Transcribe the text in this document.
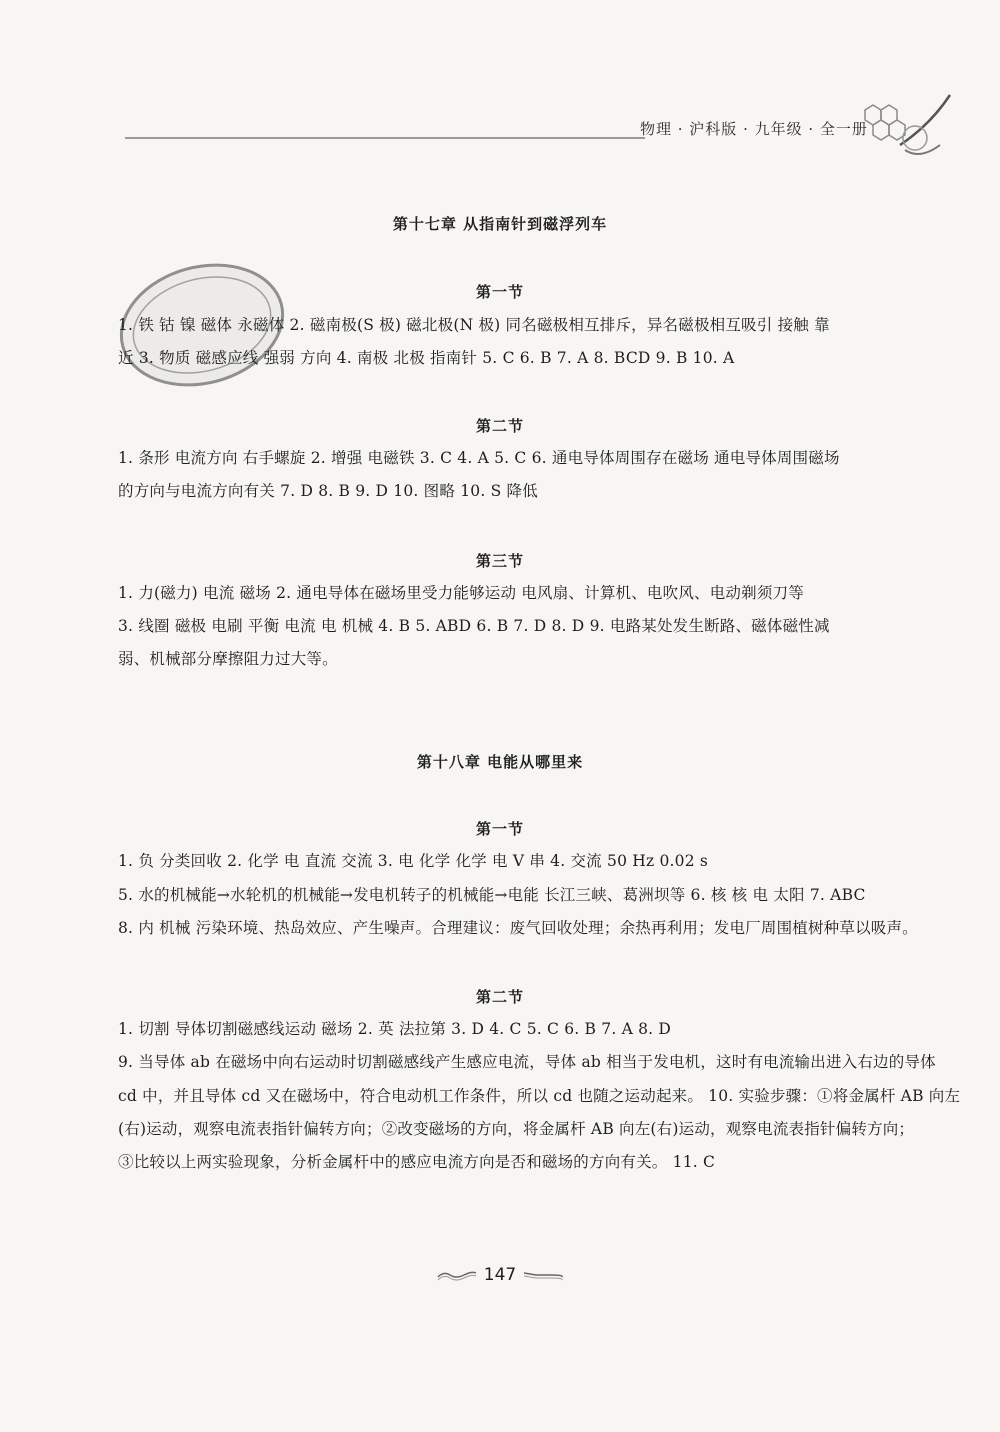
物理 · 沪科版 · 九年级 · 全一册
第十七章 从指南针到磁浮列车
第一节
1. 铁 钴 镍 磁体 永磁体 2. 磁南极(S 极) 磁北极(N 极) 同名磁极相互排斥，异名磁极相互吸引 接触 靠
近 3. 物质 磁感应线 强弱 方向 4. 南极 北极 指南针 5. C 6. B 7. A 8. BCD 9. B 10. A
第二节
1. 条形 电流方向 右手螺旋 2. 增强 电磁铁 3. C 4. A 5. C 6. 通电导体周围存在磁场 通电导体周围磁场
的方向与电流方向有关 7. D 8. B 9. D 10. 图略 10. S 降低
第三节
1. 力(磁力) 电流 磁场 2. 通电导体在磁场里受力能够运动 电风扇、计算机、电吹风、电动剃须刀等
3. 线圈 磁极 电刷 平衡 电流 电 机械 4. B 5. ABD 6. B 7. D 8. D 9. 电路某处发生断路、磁体磁性减
弱、机械部分摩擦阻力过大等。
第十八章 电能从哪里来
第一节
1. 负 分类回收 2. 化学 电 直流 交流 3. 电 化学 化学 电 V 串 4. 交流 50 Hz 0.02 s
5. 水的机械能→水轮机的机械能→发电机转子的机械能→电能 长江三峡、葛洲坝等 6. 核 核 电 太阳 7. ABC
8. 内 机械 污染环境、热岛效应、产生噪声。合理建议：废气回收处理；余热再利用；发电厂周围植树种草以吸声。
第二节
1. 切割 导体切割磁感线运动 磁场 2. 英 法拉第 3. D 4. C 5. C 6. B 7. A 8. D
9. 当导体 ab 在磁场中向右运动时切割磁感线产生感应电流，导体 ab 相当于发电机，这时有电流输出进入右边的导体
cd 中，并且导体 cd 又在磁场中，符合电动机工作条件，所以 cd 也随之运动起来。 10. 实验步骤：①将金属杆 AB 向左
(右)运动，观察电流表指针偏转方向；②改变磁场的方向，将金属杆 AB 向左(右)运动，观察电流表指针偏转方向；
③比较以上两实验现象，分析金属杆中的感应电流方向是否和磁场的方向有关。 11. C
147
